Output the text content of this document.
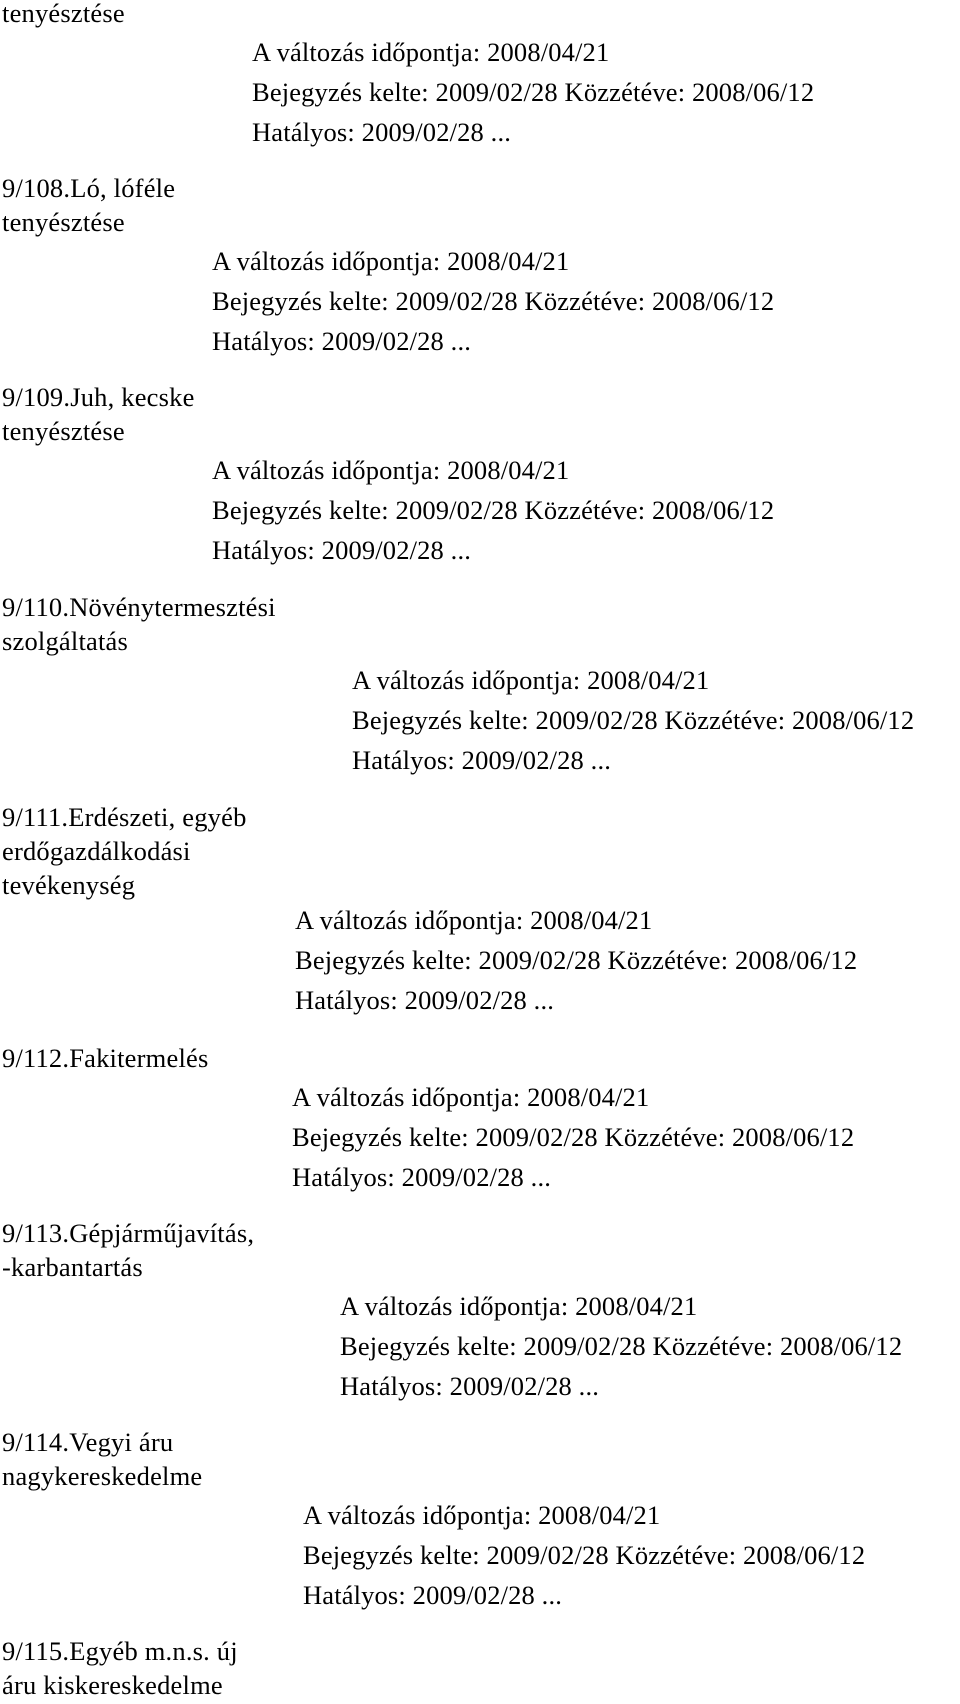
tenyésztése
A változás időpontja: 2008/04/21
Bejegyzés kelte: 2009/02/28 Közzétéve: 2008/06/12
Hatályos: 2009/02/28 ...
9/108.Ló, lóféle
tenyésztése
A változás időpontja: 2008/04/21
Bejegyzés kelte: 2009/02/28 Közzétéve: 2008/06/12
Hatályos: 2009/02/28 ...
9/109.Juh, kecske
tenyésztése
A változás időpontja: 2008/04/21
Bejegyzés kelte: 2009/02/28 Közzétéve: 2008/06/12
Hatályos: 2009/02/28 ...
9/110.Növénytermesztési
szolgáltatás
A változás időpontja: 2008/04/21
Bejegyzés kelte: 2009/02/28 Közzétéve: 2008/06/12
Hatályos: 2009/02/28 ...
9/111.Erdészeti, egyéb
erdőgazdálkodási
tevékenység
A változás időpontja: 2008/04/21
Bejegyzés kelte: 2009/02/28 Közzétéve: 2008/06/12
Hatályos: 2009/02/28 ...
9/112.Fakitermelés
A változás időpontja: 2008/04/21
Bejegyzés kelte: 2009/02/28 Közzétéve: 2008/06/12
Hatályos: 2009/02/28 ...
9/113.Gépjárműjavítás,
-karbantartás
A változás időpontja: 2008/04/21
Bejegyzés kelte: 2009/02/28 Közzétéve: 2008/06/12
Hatályos: 2009/02/28 ...
9/114.Vegyi áru
nagykereskedelme
A változás időpontja: 2008/04/21
Bejegyzés kelte: 2009/02/28 Közzétéve: 2008/06/12
Hatályos: 2009/02/28 ...
9/115.Egyéb m.n.s. új
áru kiskereskedelme
